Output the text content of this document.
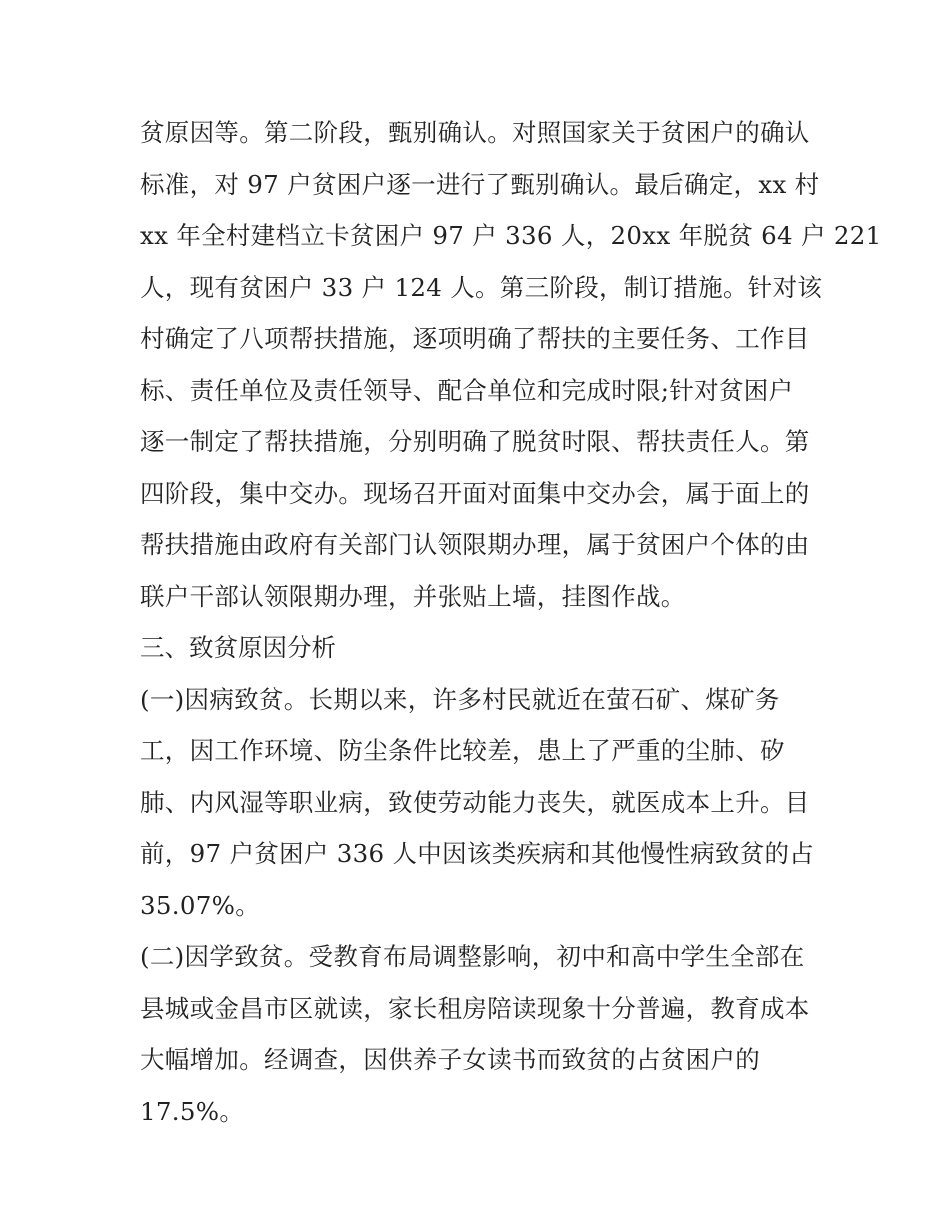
贫原因等。第二阶段，甄别确认。对照国家关于贫困户的确认
标准，对 97 户贫困户逐一进行了甄别确认。最后确定，xx 村
xx 年全村建档立卡贫困户 97 户 336 人，20xx 年脱贫 64 户 221
人，现有贫困户 33 户 124 人。第三阶段，制订措施。针对该
村确定了八项帮扶措施，逐项明确了帮扶的主要任务、工作目
标、责任单位及责任领导、配合单位和完成时限;针对贫困户
逐一制定了帮扶措施，分别明确了脱贫时限、帮扶责任人。第
四阶段，集中交办。现场召开面对面集中交办会，属于面上的
帮扶措施由政府有关部门认领限期办理，属于贫困户个体的由
联户干部认领限期办理，并张贴上墙，挂图作战。
三、致贫原因分析
(一)因病致贫。长期以来，许多村民就近在萤石矿、煤矿务
工，因工作环境、防尘条件比较差，患上了严重的尘肺、矽
肺、内风湿等职业病，致使劳动能力丧失，就医成本上升。目
前，97 户贫困户 336 人中因该类疾病和其他慢性病致贫的占
35.07%。
(二)因学致贫。受教育布局调整影响，初中和高中学生全部在
县城或金昌市区就读，家长租房陪读现象十分普遍，教育成本
大幅增加。经调查，因供养子女读书而致贫的占贫困户的
17.5%。
